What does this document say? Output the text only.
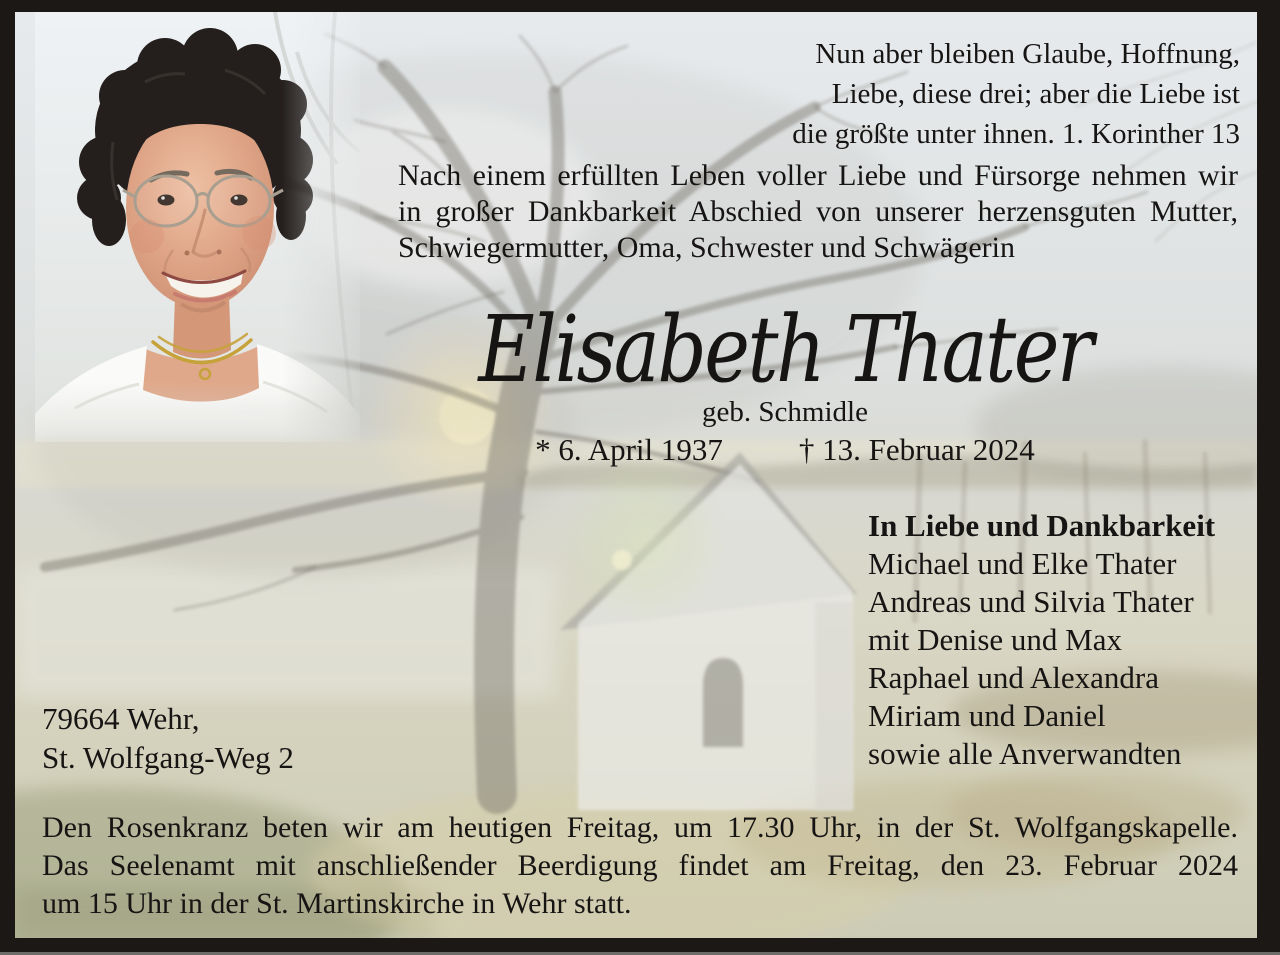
Nun aber bleiben Glaube, Hoffnung,
Liebe, diese drei; aber die Liebe ist
die größte unter ihnen. 1. Korinther 13
Nach einem erfüllten Leben voller Liebe und Fürsorge nehmen wir
in großer Dankbarkeit Abschied von unserer herzensguten Mutter,
Schwiegermutter, Oma, Schwester und Schwägerin
Elisabeth Thater
geb. Schmidle
* 6. April 1937 † 13. Februar 2024
In Liebe und Dankbarkeit
Michael und Elke Thater
Andreas und Silvia Thater
mit Denise und Max
Raphael und Alexandra
Miriam und Daniel
sowie alle Anverwandten
79664 Wehr,
St. Wolfgang-Weg 2
Den Rosenkranz beten wir am heutigen Freitag, um 17.30 Uhr, in der St. Wolfgangskapelle.
Das Seelenamt mit anschließender Beerdigung findet am Freitag, den 23. Februar 2024
um 15 Uhr in der St. Martinskirche in Wehr statt.
